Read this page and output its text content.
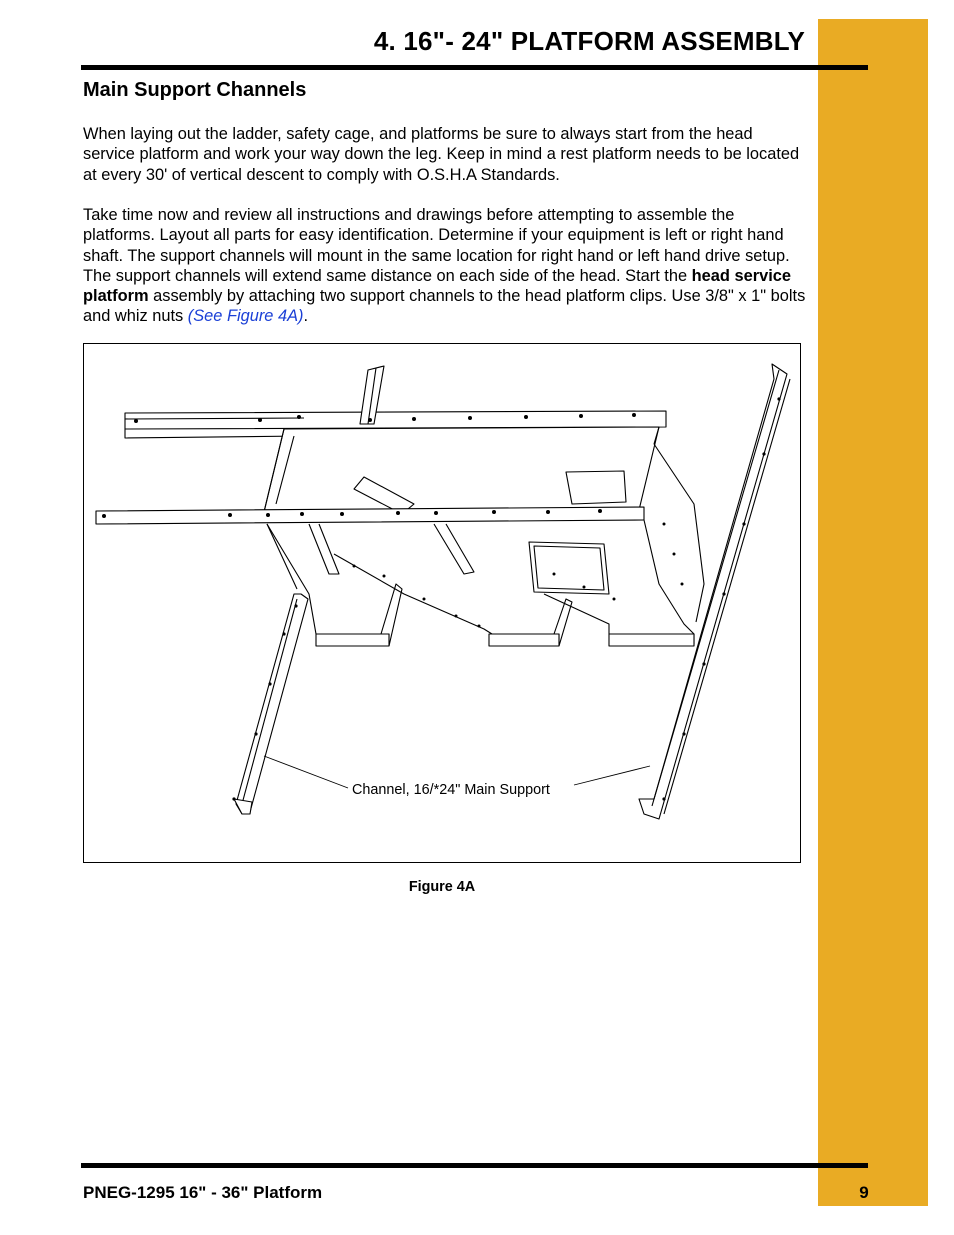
4. 16"- 24" PLATFORM ASSEMBLY
Main Support Channels

When laying out the ladder, safety cage, and platforms be sure to always start from the head service platform and work your way down the leg. Keep in mind a rest platform needs to be located at every 30' of vertical descent to comply with O.S.H.A Standards.

Take time now and review all instructions and drawings before attempting to assemble the platforms. Layout all parts for easy identification. Determine if your equipment is left or right hand shaft. The support channels will mount in the same location for right hand or left hand drive setup. The support channels will extend same distance on each side of the head. Start the head service platform assembly by attaching two support channels to the head platform clips. Use 3/8" x 1" bolts and whiz nuts (See Figure 4A).

Channel, 16/*24" Main Support
Figure 4A
PNEG-1295 16" - 36" Platform	9
